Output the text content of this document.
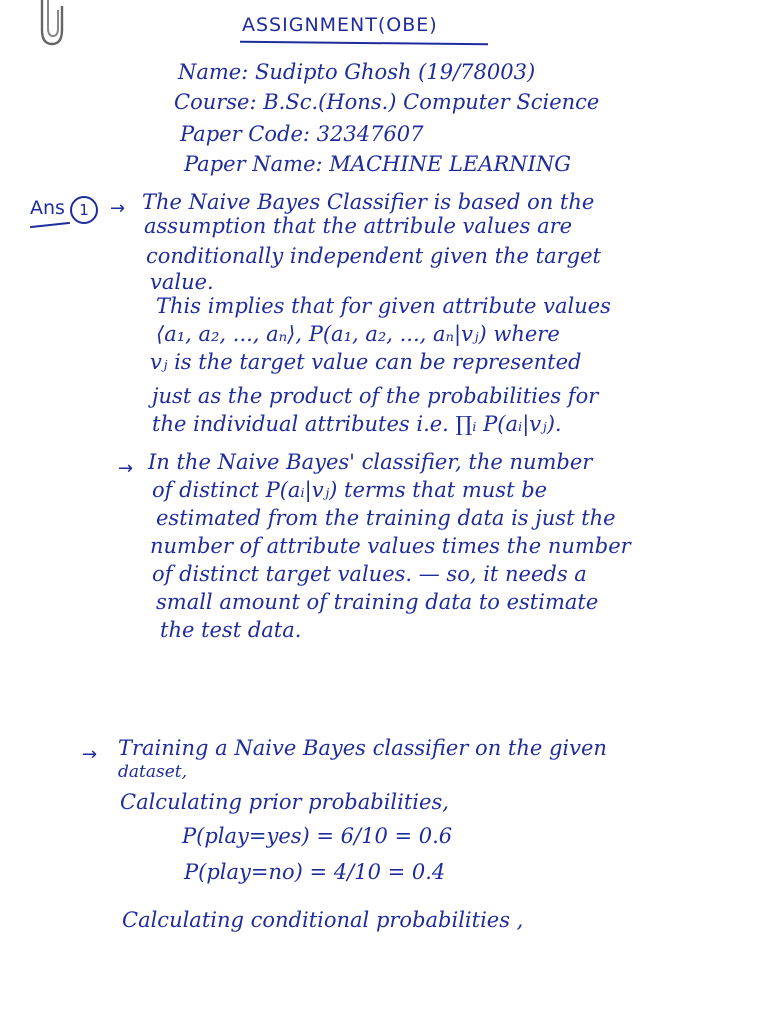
ASSIGNMENT(OBE)
Name: Sudipto Ghosh (19/78003)
Course: B.Sc.(Hons.) Computer Science
Paper Code: 32347607
Paper Name: MACHINE LEARNING
Ans 1	→ The Naive Bayes Classifier is based on the
assumption that the attribule values are
conditionally independent given the target
value.
This implies that for given attribute values
⟨a₁, a₂, ..., aₙ⟩, P(a₁, a₂, ..., aₙ|vⱼ) where
vⱼ is the target value can be represented
just as the product of the probabilities for
the individual attributes i.e. ∏ᵢ P(aᵢ|vⱼ).
→ In the Naive Bayes' classifier, the number
of distinct P(aᵢ|vⱼ) terms that must be
estimated from the training data is just the
number of attribute values times the number
of distinct target values. — so, it needs a
small amount of training data to estimate
the test data.
→ Training a Naive Bayes classifier on the given
dataset,
Calculating prior probabilities,
P(play=yes) = 6/10 = 0.6
P(play=no) = 4/10 = 0.4
Calculating conditional probabilities ,
